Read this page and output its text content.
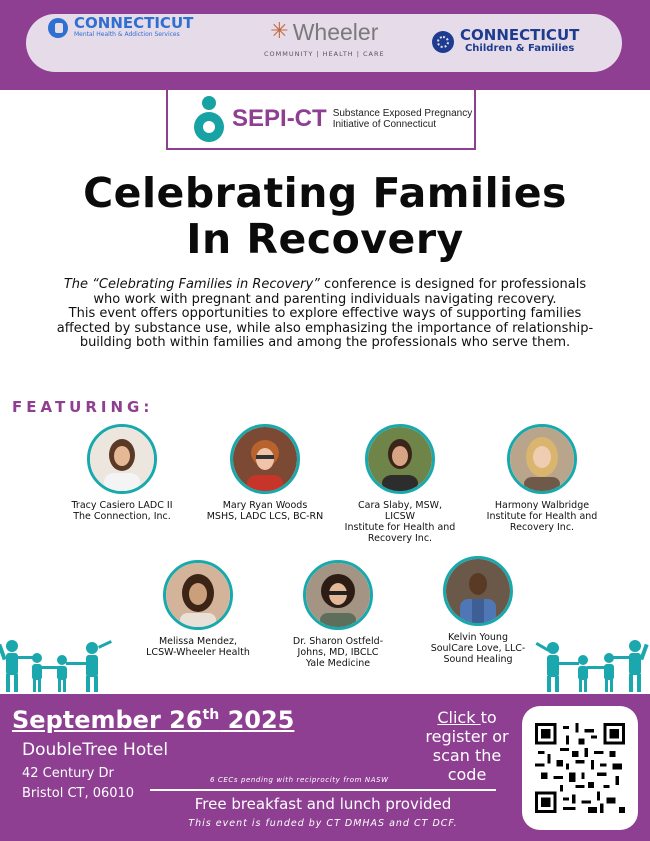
CONNECTICUT
Mental Health & Addiction Services	✳ Wheeler
COMMUNITY | HEALTH | CARE
CONNECTICUT
Children & Families
SEPI-CT Substance Exposed Pregnancy
Initiative of Connecticut
Celebrating Families
In Recovery
The “Celebrating Families in Recovery” conference is designed for professionals who work with pregnant and parenting individuals navigating recovery.
This event offers opportunities to explore effective ways of supporting families affected by substance use, while also emphasizing the importance of relationship-building both within families and among the professionals who serve them.
FEATURING:
Tracy Casiero LADC II
The Connection, Inc.
Mary Ryan Woods
MSHS, LADC LCS, BC-RN
Cara Slaby, MSW,
LICSW
Institute for Health and
Recovery Inc.
Harmony Walbridge
Institute for Health and
Recovery Inc.
Melissa Mendez,
LCSW-Wheeler Health
Dr. Sharon Ostfeld-
Johns, MD, IBCLC
Yale Medicine
Kelvin Young
SoulCare Love, LLC-
Sound Healing
September 26th 2025
DoubleTree Hotel
42 Century Dr
Bristol CT, 06010
6 CECs pending with reciprocity from NASW
Free breakfast and lunch provided
This event is funded by CT DMHAS and CT DCF.
Click to register or scan the code
